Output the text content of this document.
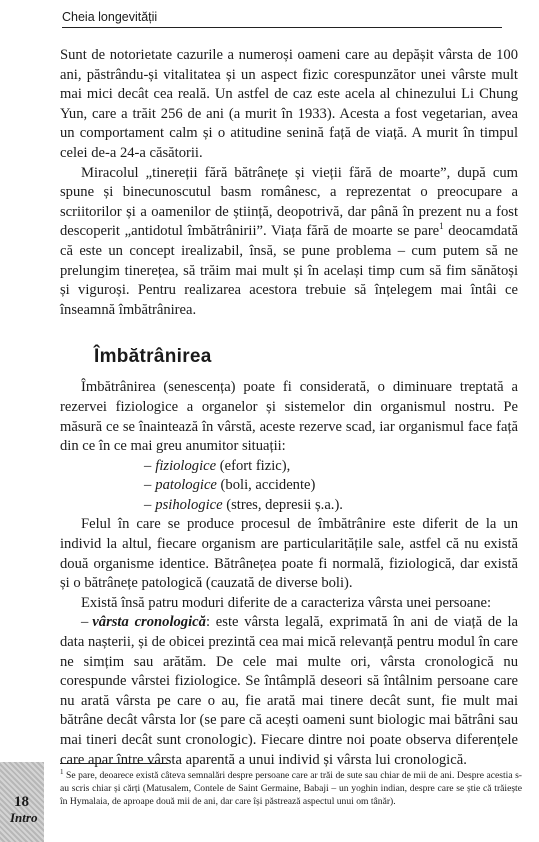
Cheia longevității

Sunt de notorietate cazurile a numeroși oameni care au depășit vârsta de 100 ani, păstrându-și vitalitatea și un aspect fizic corespunzător unei vârste mult mai mici decât cea reală. Un astfel de caz este acela al chinezului Li Chung Yun, care a trăit 256 de ani (a murit în 1933). Acesta a fost vegetarian, avea un comportament calm și o atitudine senină față de viață. A murit în timpul celei de-a 24-a căsătorii.

Miracolul „tinereții fără bătrânețe și vieții fără de moarte”, după cum spune și binecunoscutul basm românesc, a reprezentat o preocupare a scriitorilor și a oamenilor de știință, deopotrivă, dar până în prezent nu a fost descoperit „antidotul îmbătrânirii”. Viața fără de moarte se pare$^1$ deocamdată că este un concept irealizabil, însă, se pune problema – cum putem să ne prelungim tinerețea, să trăim mai mult și în același timp cum să fim sănătoși și viguroși. Pentru realizarea acestora trebuie să înțelegem mai întâi ce înseamnă îmbătrânirea.

Îmbătrânirea

Îmbătrânirea (senescența) poate fi considerată, o diminuare treptată a rezervei fiziologice a organelor și sistemelor din organismul nostru. Pe măsură ce se înaintează în vârstă, aceste rezerve scad, iar organismul face față din ce în ce mai greu anumitor situații:

– fiziologice (efort fizic),
– patologice (boli, accidente)
– psihologice (stres, depresii ș.a.).

Felul în care se produce procesul de îmbătrânire este diferit de la un individ la altul, fiecare organism are particularitățile sale, astfel că nu există două organisme identice. Bătrânețea poate fi normală, fiziologică, dar există și o bătrânețe patologică (cauzată de diverse boli).

Există însă patru moduri diferite de a caracteriza vârsta unei persoane:

– vârsta cronologică: este vârsta legală, exprimată în ani de viață de la data nașterii, și de obicei prezintă cea mai mică relevanță pentru modul în care ne simțim sau arătăm. De cele mai multe ori, vârsta cronologică nu corespunde vârstei fiziologice. Se întâmplă deseori să întâlnim persoane care nu arată vârsta pe care o au, fie arată mai tinere decât sunt, fie mult mai bătrâne decât vârsta lor (se pare că acești oameni sunt biologic mai bătrâni sau mai tineri decât sunt cronologic). Fiecare dintre noi poate observa diferențele care apar între vârsta aparentă a unui individ și vârsta lui cronologică.

$^1$ Se pare, deoarece există câteva semnalări despre persoane care ar trăi de sute sau chiar de mii de ani. Despre acestia s-au scris chiar și cărți (Matusalem, Contele de Saint Germaine, Babaji – un yoghin indian, despre care se știe că trăiește în Hymalaia, de aproape două mii de ani, dar care își păstrează aspectul unui om tânăr).
18
Intro
